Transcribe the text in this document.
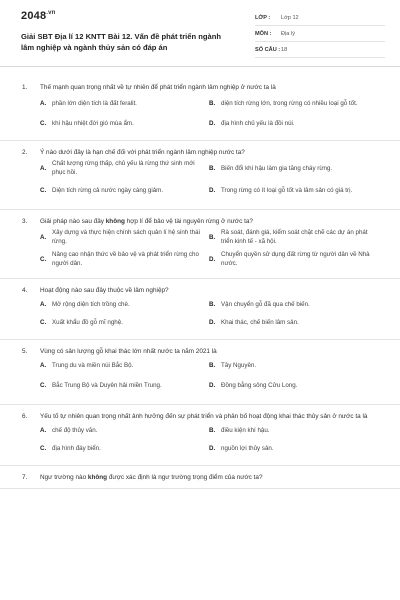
$2048^{.vn}$
Giải SBT Địa lí 12 KNTT Bài 12. Vấn đề phát triển ngành lâm nghiệp và ngành thủy sản có đáp án
LỚP :	Lớp 12
MÔN :	Địa lý
SỐ CÂU : 18
1.	Thế mạnh quan trọng nhất về tự nhiên để phát triển ngành lâm nghiệp ở nước ta là
A. phần lớn diện tích là đất feralit.	B. diện tích rừng lớn, trong rừng có nhiều loại gỗ tốt.
C. khí hậu nhiệt đới gió mùa ẩm.	D. địa hình chủ yếu là đồi núi.
2.	Ý nào dưới đây là hạn chế đối với phát triển ngành lâm nghiệp nước ta?
A.
Chất lượng rừng thấp, chủ yếu là rừng thứ sinh mới phục hồi.
B. Biến đổi khí hậu làm gia tăng cháy rừng.
C. Diện tích rừng cả nước ngày càng giảm.	D. Trong rừng có ít loại gỗ tốt và lâm sản có giá trị.
3.	Giải pháp nào sau đây không hợp lí để bảo vệ tài nguyên rừng ở nước ta?
A.
Xây dựng và thực hiện chính sách quản lí hệ sinh thái rừng.
B.
Rà soát, đánh giá, kiểm soát chặt chẽ các dự án phát triển kinh tế - xã hội.
C.
Nâng cao nhận thức về bảo vệ và phát triển rừng cho người dân.
D.
Chuyển quyền sử dụng đất rừng từ người dân về Nhà nước.
4.	Hoạt động nào sau đây thuộc về lâm nghiệp?
A. Mở rộng diện tích trồng chè.	B. Vận chuyển gỗ đã qua chế biến.
C. Xuất khẩu đồ gỗ mĩ nghệ.	D. Khai thác, chế biến lâm sản.
5.	Vùng có sản lượng gỗ khai thác lớn nhất nước ta năm 2021 là
A. Trung du và miền núi Bắc Bộ.	B. Tây Nguyên.
C. Bắc Trung Bộ và Duyên hải miền Trung.	D. Đồng bằng sông Cửu Long.
6.	Yếu tố tự nhiên quan trọng nhất ảnh hưởng đến sự phát triển và phân bố hoạt động khai thác thủy sản ở nước ta là
A. chế độ thủy văn.	B. điều kiện khí hậu.
C. địa hình đáy biển.	D. nguồn lợi thủy sản.
7.	Ngư trường nào không được xác định là ngư trường trọng điểm của nước ta?
